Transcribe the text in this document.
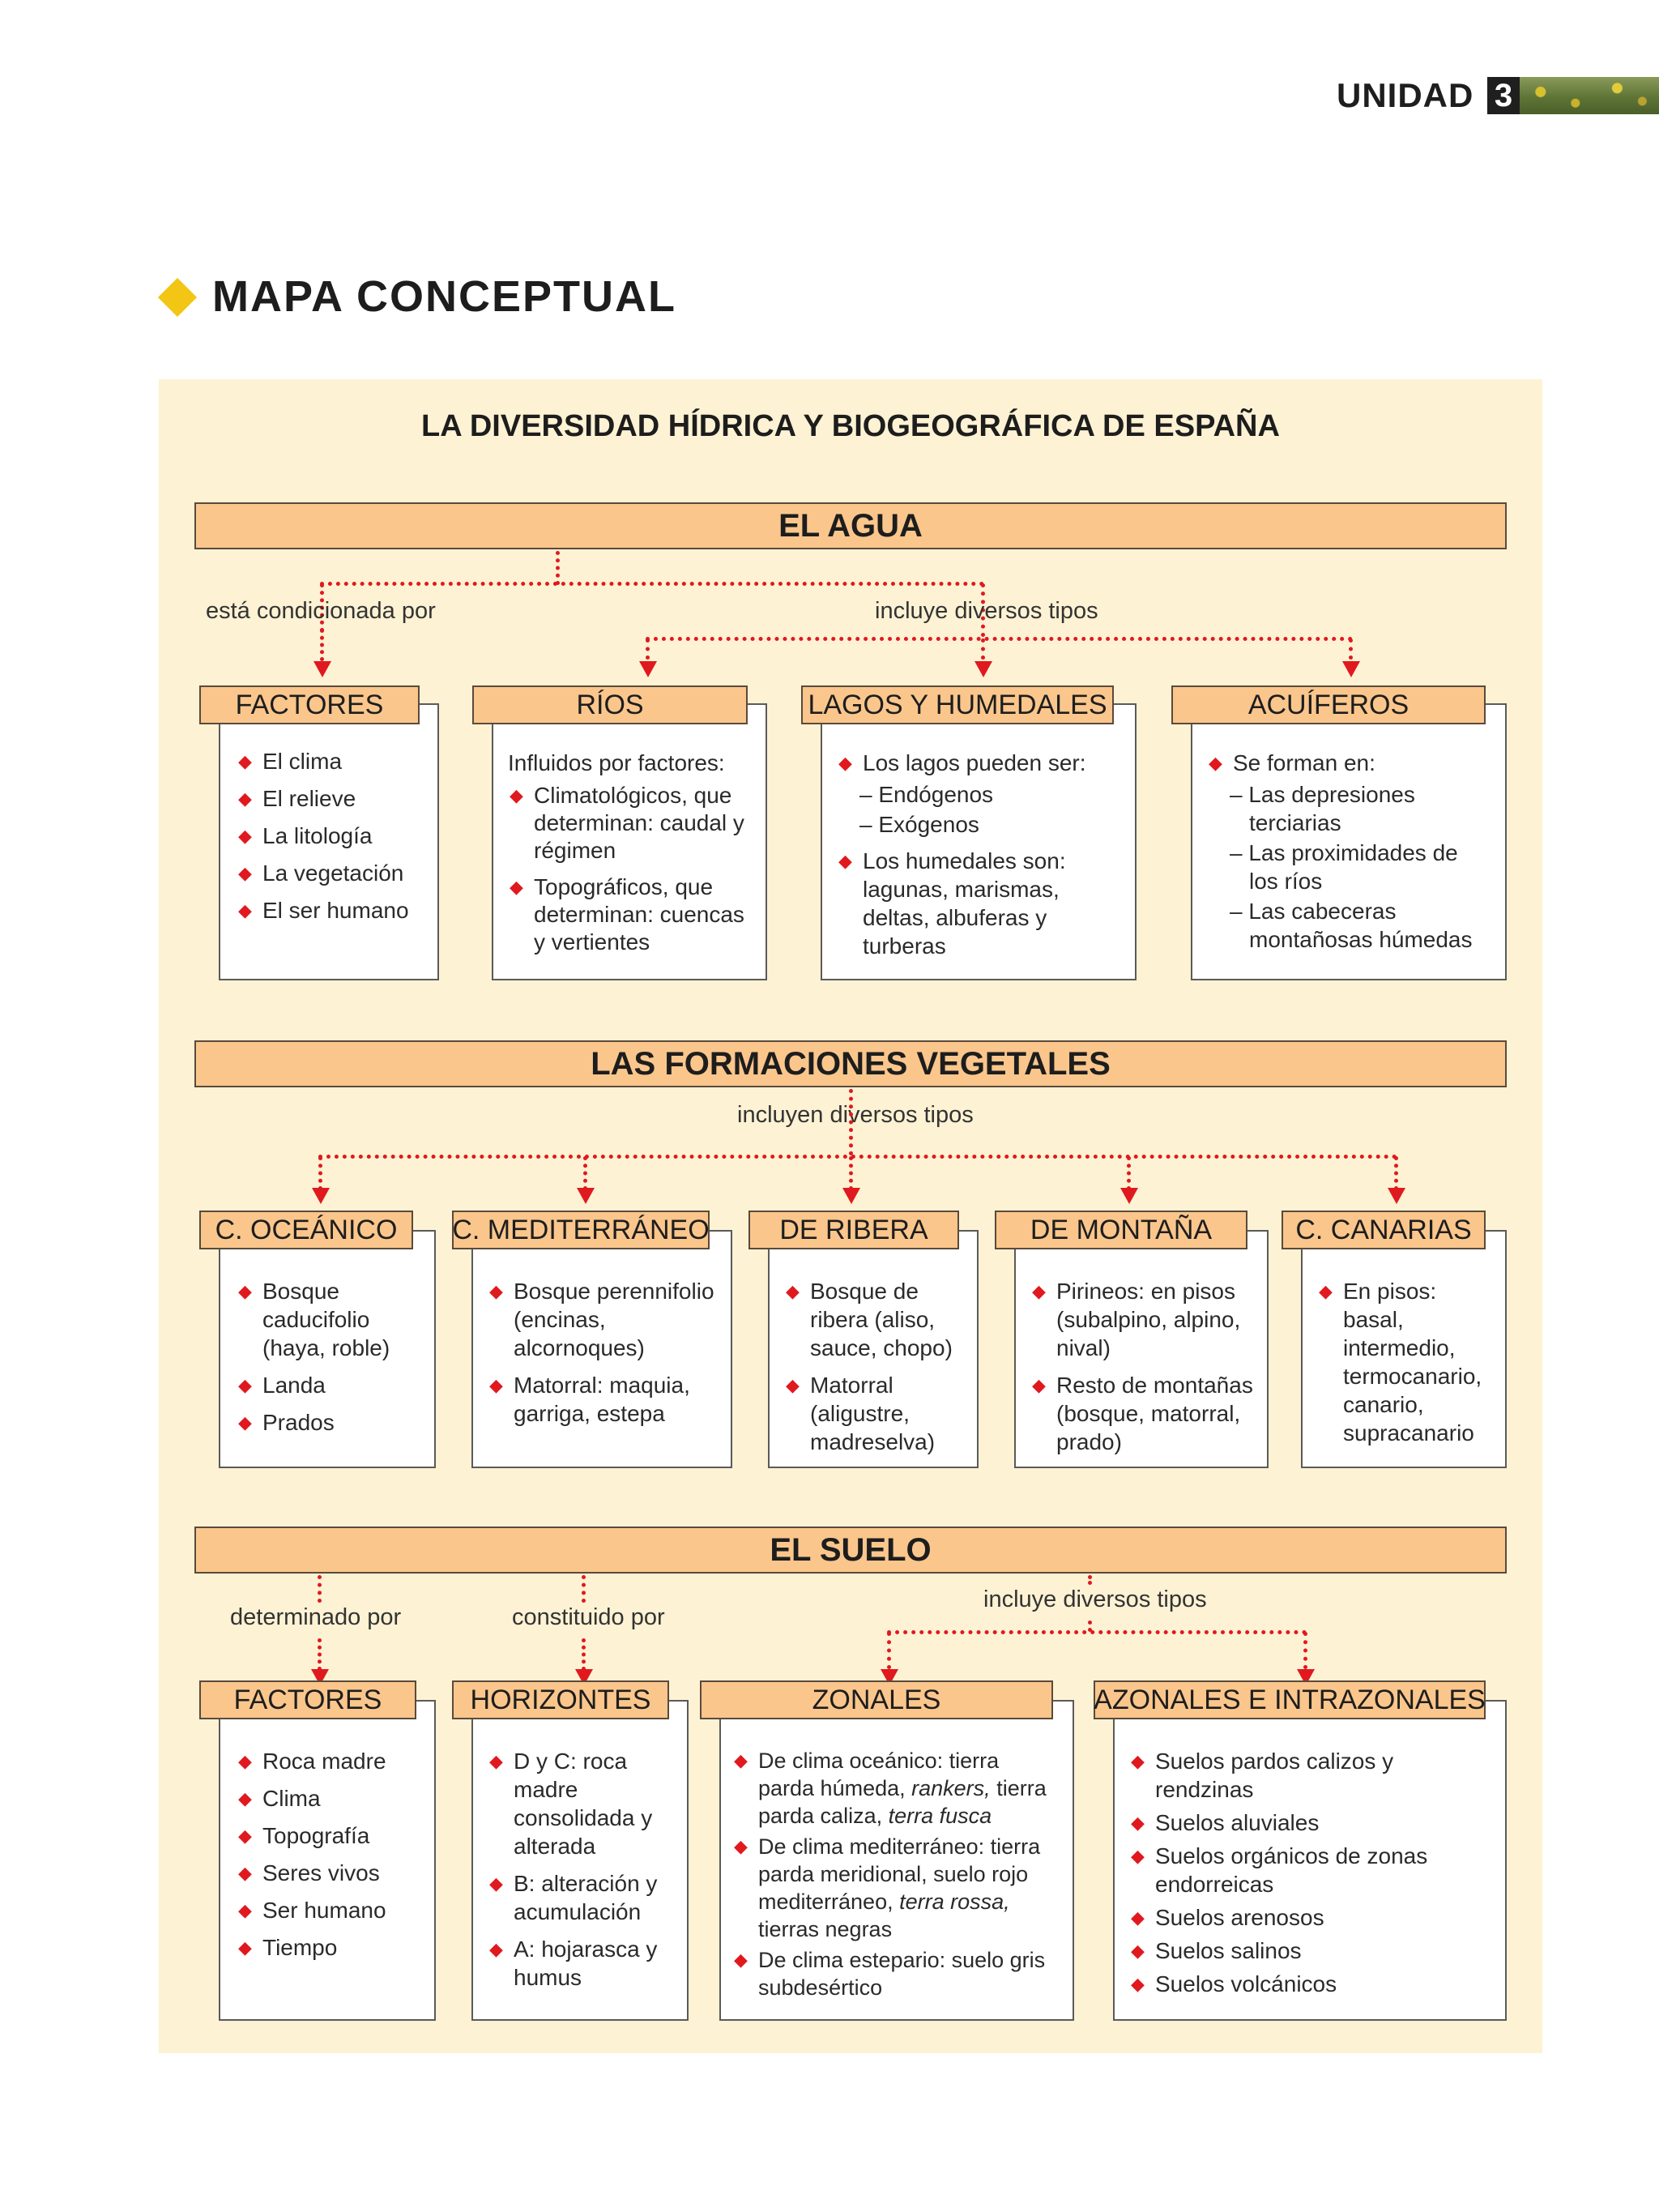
UNIDAD 3
MAPA CONCEPTUAL
LA DIVERSIDAD HÍDRICA Y BIOGEOGRÁFICA DE ESPAÑA
EL AGUA
está condicionada por	incluye diversos tipos
◆ El clima
◆ El relieve
◆ La litología
◆ La vegetación
◆ El ser humano
FACTORES
Influidos por factores:
◆ Climatológicos, que determinan: caudal y régimen
◆ Topográficos, que determinan: cuencas y vertientes
RÍOS
◆ Los lagos pueden ser:
– Endógenos
– Exógenos
◆ Los humedales son: lagunas, marismas, deltas, albuferas y turberas
LAGOS Y HUMEDALES
◆ Se forman en:
– Las depresiones terciarias
– Las proximidades de los ríos
– Las cabeceras montañosas húmedas
ACUÍFEROS
LAS FORMACIONES VEGETALES
incluyen diversos tipos
◆ Bosque caducifolio (haya, roble)
◆ Landa
◆ Prados
C. OCEÁNICO
◆ Bosque perennifolio (encinas, alcornoques)
◆ Matorral: maquia, garriga, estepa
C. MEDITERRÁNEO
◆ Bosque de ribera (aliso, sauce, chopo)
◆ Matorral (aligustre, madreselva)
DE RIBERA
◆ Pirineos: en pisos (subalpino, alpino, nival)
◆ Resto de montañas (bosque, matorral, prado)
DE MONTAÑA
◆ En pisos: basal, intermedio, termocanario, canario, supracanario
C. CANARIAS
EL SUELO
determinado por	constituido por
incluye diversos tipos
◆ Roca madre
◆ Clima
◆ Topografía
◆ Seres vivos
◆ Ser humano
◆ Tiempo
FACTORES
◆ D y C: roca madre consolidada y alterada
◆ B: alteración y acumulación
◆ A: hojarasca y humus
HORIZONTES
◆ De clima oceánico: tierra parda húmeda, rankers, tierra parda caliza, terra fusca
◆ De clima mediterráneo: tierra parda meridional, suelo rojo mediterráneo, terra rossa, tierras negras
◆ De clima estepario: suelo gris subdesértico
ZONALES
◆ Suelos pardos calizos y rendzinas
◆ Suelos aluviales
◆ Suelos orgánicos de zonas endorreicas
◆ Suelos arenosos
◆ Suelos salinos
◆ Suelos volcánicos
AZONALES E INTRAZONALES
